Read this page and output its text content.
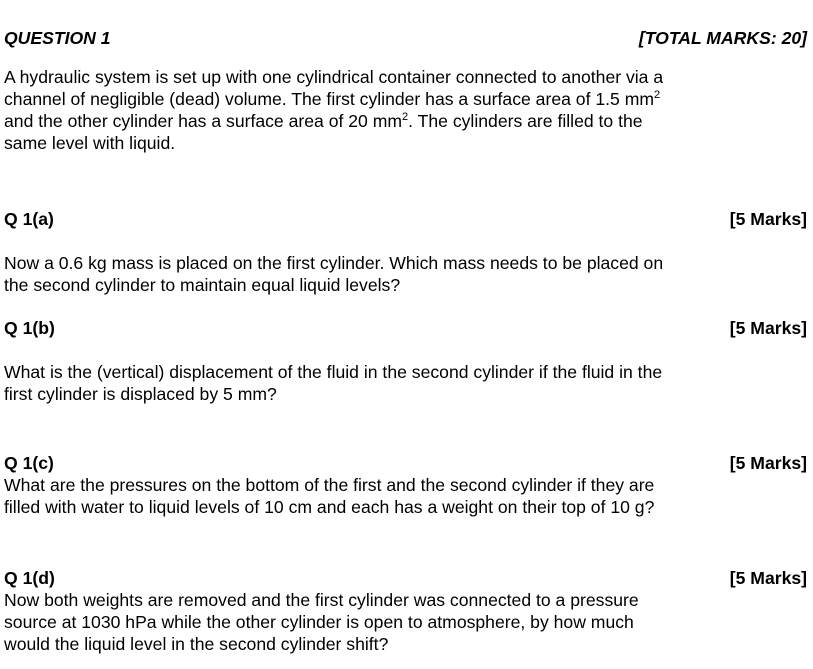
QUESTION 1	[TOTAL MARKS: 20]
A hydraulic system is set up with one cylindrical container connected to another via a
channel of negligible (dead) volume. The first cylinder has a surface area of 1.5 $mm^2$
and the other cylinder has a surface area of 20 $mm^2$. The cylinders are filled to the
same level with liquid.
Q 1(a)	[5 Marks]
Now a 0.6 kg mass is placed on the first cylinder. Which mass needs to be placed on
the second cylinder to maintain equal liquid levels?
Q 1(b)	[5 Marks]
What is the (vertical) displacement of the fluid in the second cylinder if the fluid in the
first cylinder is displaced by 5 mm?
Q 1(c)	[5 Marks]
What are the pressures on the bottom of the first and the second cylinder if they are
filled with water to liquid levels of 10 cm and each has a weight on their top of 10 g?
Q 1(d)	[5 Marks]
Now both weights are removed and the first cylinder was connected to a pressure
source at 1030 hPa while the other cylinder is open to atmosphere, by how much
would the liquid level in the second cylinder shift?
